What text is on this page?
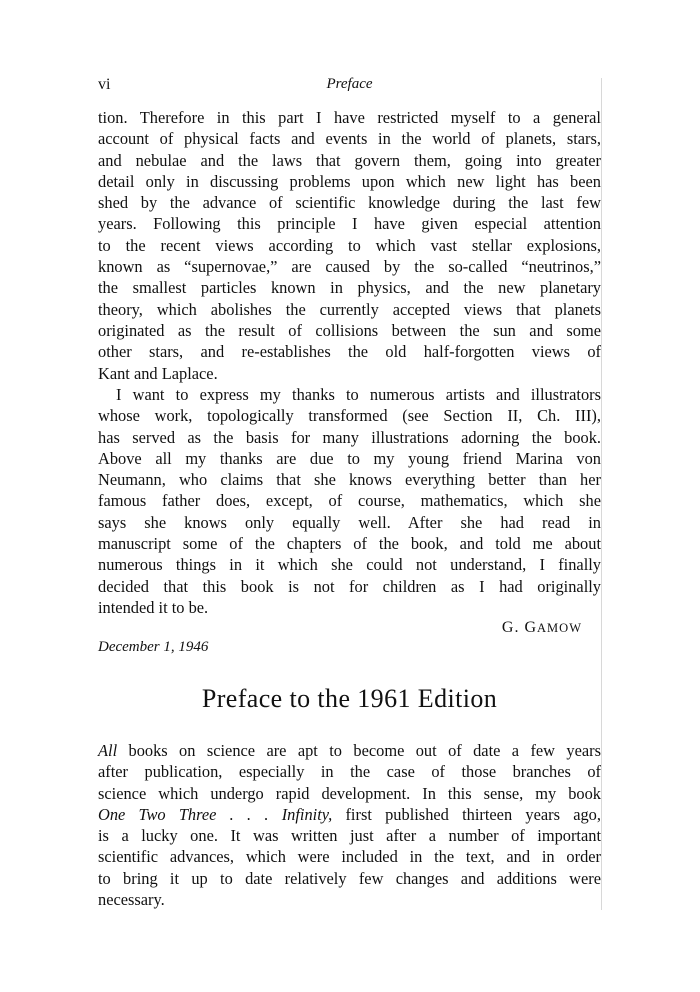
vi	Preface
tion. Therefore in this part I have restricted myself to a general
account of physical facts and events in the world of planets, stars,
and nebulae and the laws that govern them, going into greater
detail only in discussing problems upon which new light has been
shed by the advance of scientific knowledge during the last few
years. Following this principle I have given especial attention
to the recent views according to which vast stellar explosions,
known as “supernovae,” are caused by the so-called “neutrinos,”
the smallest particles known in physics, and the new planetary
theory, which abolishes the currently accepted views that planets
originated as the result of collisions between the sun and some
other stars, and re-establishes the old half-forgotten views of
Kant and Laplace.
I want to express my thanks to numerous artists and illustrators
whose work, topologically transformed (see Section II, Ch. III),
has served as the basis for many illustrations adorning the book.
Above all my thanks are due to my young friend Marina von
Neumann, who claims that she knows everything better than her
famous father does, except, of course, mathematics, which she
says she knows only equally well. After she had read in
manuscript some of the chapters of the book, and told me about
numerous things in it which she could not understand, I finally
decided that this book is not for children as I had originally
intended it to be.
G. GAMOW
December 1, 1946
Preface to the 1961 Edition
All books on science are apt to become out of date a few years
after publication, especially in the case of those branches of
science which undergo rapid development. In this sense, my book
One Two Three . . . Infinity, first published thirteen years ago,
is a lucky one. It was written just after a number of important
scientific advances, which were included in the text, and in order
to bring it up to date relatively few changes and additions were
necessary.
